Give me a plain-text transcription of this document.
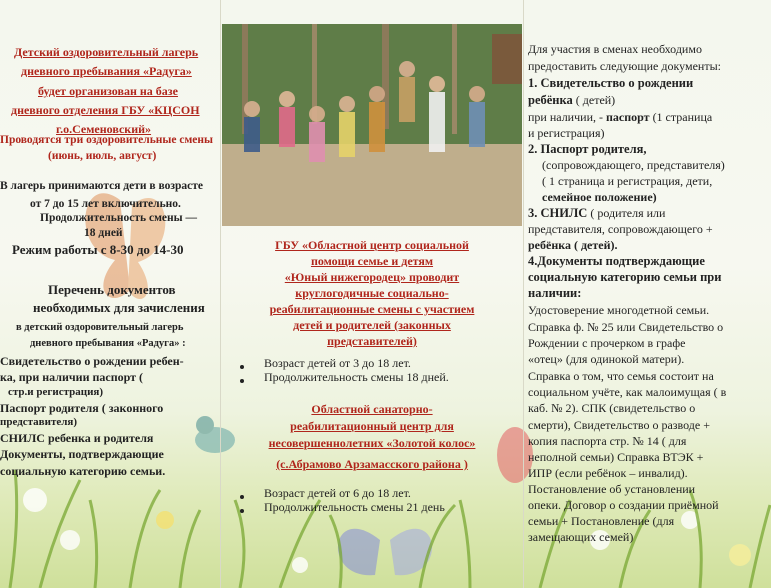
Детский оздоровительный лагерь
дневного пребывания «Радуга»
будет организован на базе
дневного отделения ГБУ «КЦСОН
г.о.Семеновский»
Проводятся три оздоровительные смены
(июнь, июль, август)
В лагерь принимаются дети в возрасте
от 7 до 15 лет включительно.
Продолжительность смены —
18 дней
Режим работы с 8-30 до 14-30
Перечень документов
необходимых для зачисления
в детский оздоровительный лагерь
дневного пребывания «Радуга» :
Свидетельство о рождении ребен-
ка, при наличии паспорт (
стр.и регистрация)
Паспорт родителя ( законного
представителя)
СНИЛС ребенка и родителя
Документы, подтверждающие
социальную категорию семьи.
ГБУ «Областной центр социальной
помощи семье и детям
«Юный нижегородец» проводит
круглогодичные социально-
реабилитационные смены с участием
детей и родителей (законных
представителей)
Возраст детей от 3 до 18 лет.
Продолжительность смены 18 дней.
Областной санаторно-
реабилитационный центр для
несовершеннолетних «Золотой колос»
(с.Абрамово Арзамасского района )
Возраст детей от 6 до 18 лет.
Продолжительность смены 21 день
Для участия в сменах необходимо
предоставить следующие документы:
1. Свидетельство о рождении
ребёнка ( детей)
при наличии, - паспорт (1 страница
и регистрация)
2. Паспорт родителя,
(сопровождающего, представителя)
( 1 страница и регистрация, дети,
семейное положение)
3. СНИЛС ( родителя или
представителя, сопровождающего +
ребёнка ( детей).
4.Документы подтверждающие
социальную категорию семьи при
наличии:
Удостоверение многодетной семьи.
Справка ф. № 25 или Свидетельство о
Рождении с прочерком в графе
«отец» (для одинокой матери).
Справка о том, что семья состоит на
социальном учёте, как малоимущая ( в
каб. № 2). СПК (свидетельство о
смерти), Свидетельство о разводе +
копия паспорта стр. № 14 ( для
неполной семьи) Справка ВТЭК +
ИПР (если ребёнок – инвалид).
Постановление об установлении
опеки. Договор о создании приёмной
семьи + Постановление (для
замещающих семей)
